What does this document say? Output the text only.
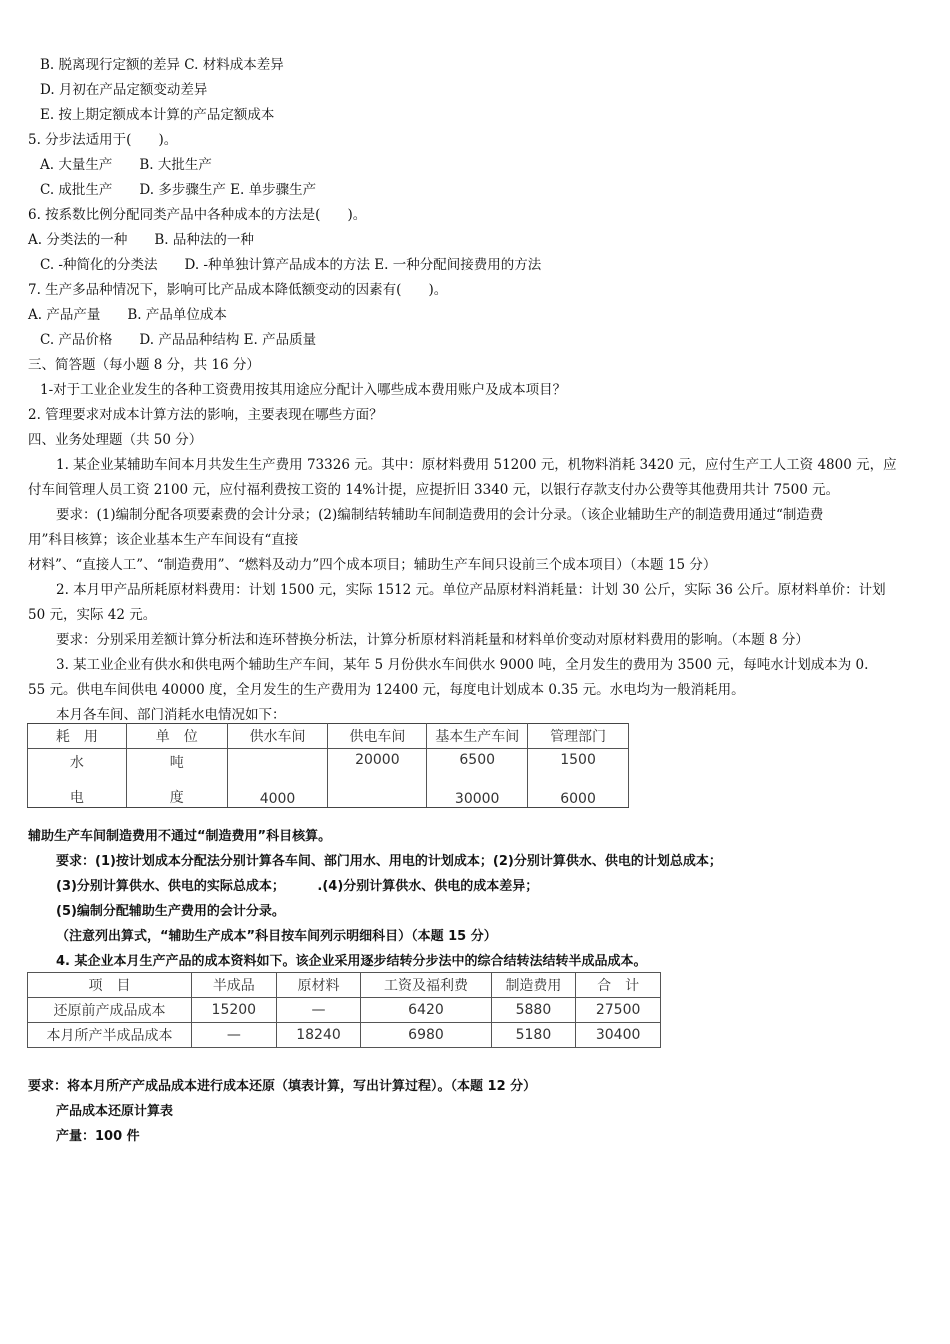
B. 脱离现行定额的差异 C. 材料成本差异
D. 月初在产品定额变动差异
E. 按上期定额成本计算的产品定额成本
5. 分步法适用于(　　)。
A. 大量生产　　B. 大批生产
C. 成批生产　　D. 多步骤生产 E. 单步骤生产
6. 按系数比例分配同类产品中各种成本的方法是(　　)。
A. 分类法的一种　　B. 品种法的一种
C. -种简化的分类法　　D. -种单独计算产品成本的方法 E. 一种分配间接费用的方法
7. 生产多品种情况下，影响可比产品成本降低额变动的因素有(　　)。
A. 产品产量　　B. 产品单位成本
C. 产品价格　　D. 产品品种结构 E. 产品质量
三、简答题（每小题 8 分，共 16 分）
1-对于工业企业发生的各种工资费用按其用途应分配计入哪些成本费用账户及成本项目？
2. 管理要求对成本计算方法的影响，主要表现在哪些方面？
四、业务处理题（共 50 分）
1. 某企业某辅助车间本月共发生生产费用 73326 元。其中：原材料费用 51200 元，机物料消耗 3420 元，应付生产工人工资 4800 元，应
付车间管理人员工资 2100 元，应付福利费按工资的 14%计提，应提折旧 3340 元，以银行存款支付办公费等其他费用共计 7500 元。
要求：(1)编制分配各项要素费的会计分录；(2)编制结转辅助车间制造费用的会计分录。（该企业辅助生产的制造费用通过“制造费
用”科目核算；该企业基本生产车间设有“直接
材料”、“直接人工”、“制造费用”、“燃料及动力”四个成本项目；辅助生产车间只设前三个成本项目）（本题 15 分）
2. 本月甲产品所耗原材料费用：计划 1500 元，实际 1512 元。单位产品原材料消耗量：计划 30 公斤，实际 36 公斤。原材料单价：计划
50 元，实际 42 元。
要求：分别采用差额计算分析法和连环替换分析法，计算分析原材料消耗量和材料单价变动对原材料费用的影响。（本题 8 分）
3. 某工业企业有供水和供电两个辅助生产车间，某年 5 月份供水车间供水 9000 吨，全月发生的费用为 3500 元，每吨水计划成本为 0.
55 元。供电车间供电 40000 度，全月发生的生产费用为 12400 元，每度电计划成本 0.35 元。水电均为一般消耗用。
本月各车间、部门消耗水电情况如下：
耗　用	单　位	供水车间	供电车间	基本生产车间	管理部门
水	吨		20000	6500	1500
电	度	4000		30000	6000
辅助生产车间制造费用不通过“制造费用”科目核算。
要求：(1)按计划成本分配法分别计算各车间、部门用水、用电的计划成本；(2)分别计算供水、供电的计划总成本；
(3)分别计算供水、供电的实际总成本；　　　.(4)分别计算供水、供电的成本差异；
(5)编制分配辅助生产费用的会计分录。
（注意列出算式，“辅助生产成本”科目按车间列示明细科目）（本题 15 分）
4. 某企业本月生产产品的成本资料如下。该企业采用逐步结转分步法中的综合结转法结转半成品成本。
项　目	半成品	原材料	工资及福利费	制造费用	合　计
还原前产成品成本	15200	—	6420	5880	27500
本月所产半成品成本	—	18240	6980	5180	30400
要求：将本月所产产成品成本进行成本还原（填表计算，写出计算过程）。（本题 12 分）
产品成本还原计算表
产量：100 件
